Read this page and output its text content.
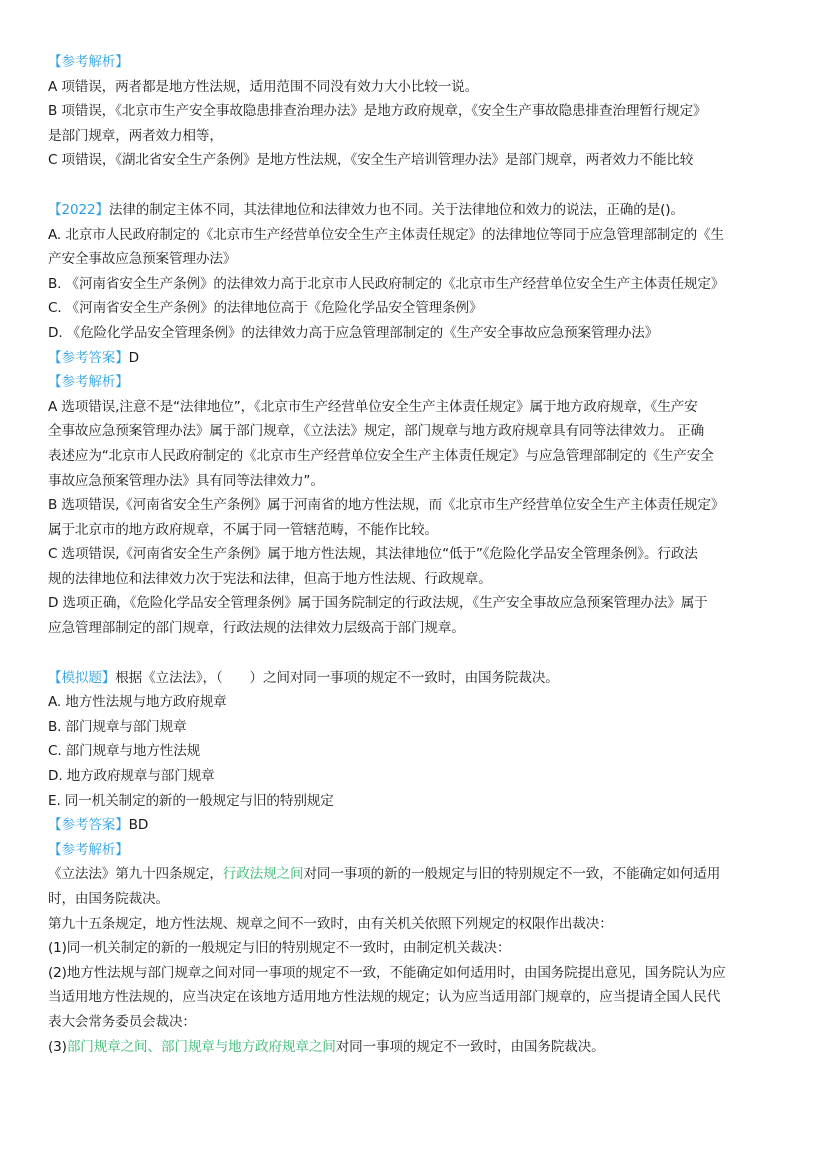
【参考解析】
A 项错误，两者都是地方性法规，适用范围不同没有效力大小比较一说。
B 项错误，《北京市生产安全事故隐患排查治理办法》是地方政府规章，《安全生产事故隐患排查治理暂行规定》
是部门规章，两者效力相等，
C 项错误，《湖北省安全生产条例》是地方性法规，《安全生产培训管理办法》是部门规章，两者效力不能比较
【2022】法律的制定主体不同，其法律地位和法律效力也不同。关于法律地位和效力的说法，正确的是()。
A. 北京市人民政府制定的《北京市生产经营单位安全生产主体责任规定》的法律地位等同于应急管理部制定的《生
产安全事故应急预案管理办法》
B. 《河南省安全生产条例》的法律效力高于北京市人民政府制定的《北京市生产经营单位安全生产主体责任规定》
C. 《河南省安全生产条例》的法律地位高于《危险化学品安全管理条例》
D. 《危险化学品安全管理条例》的法律效力高于应急管理部制定的《生产安全事故应急预案管理办法》
【参考答案】D
【参考解析】
A 选项错误,注意不是“法律地位”，《北京市生产经营单位安全生产主体责任规定》属于地方政府规章，《生产安
全事故应急预案管理办法》属于部门规章，《立法法》规定，部门规章与地方政府规章具有同等法律效力。 正确
表述应为“北京市人民政府制定的《北京市生产经营单位安全生产主体责任规定》与应急管理部制定的《生产安全
事故应急预案管理办法》具有同等法律效力”。
B 选项错误,《河南省安全生产条例》属于河南省的地方性法规，而《北京市生产经营单位安全生产主体责任规定》
属于北京市的地方政府规章，不属于同一管辖范畴，不能作比较。
C 选项错误,《河南省安全生产条例》属于地方性法规，其法律地位“低于”《危险化学品安全管理条例》。行政法
规的法律地位和法律效力次于宪法和法律，但高于地方性法规、行政规章。
D 选项正确，《危险化学品安全管理条例》属于国务院制定的行政法规，《生产安全事故应急预案管理办法》属于
应急管理部制定的部门规章，行政法规的法律效力层级高于部门规章。
【模拟题】根据《立法法》，（　　）之间对同一事项的规定不一致时，由国务院裁决。
A. 地方性法规与地方政府规章
B. 部门规章与部门规章
C. 部门规章与地方性法规
D. 地方政府规章与部门规章
E. 同一机关制定的新的一般规定与旧的特别规定
【参考答案】BD
【参考解析】
《立法法》第九十四条规定，行政法规之间对同一事项的新的一般规定与旧的特别规定不一致，不能确定如何适用
时，由国务院裁决。
第九十五条规定，地方性法规、规章之间不一致时，由有关机关依照下列规定的权限作出裁决：
(1)同一机关制定的新的一般规定与旧的特别规定不一致时，由制定机关裁决：
(2)地方性法规与部门规章之间对同一事项的规定不一致，不能确定如何适用时，由国务院提出意见，国务院认为应
当适用地方性法规的，应当决定在该地方适用地方性法规的规定；认为应当适用部门规章的，应当提请全国人民代
表大会常务委员会裁决：
(3)部门规章之间、部门规章与地方政府规章之间对同一事项的规定不一致时，由国务院裁决。
